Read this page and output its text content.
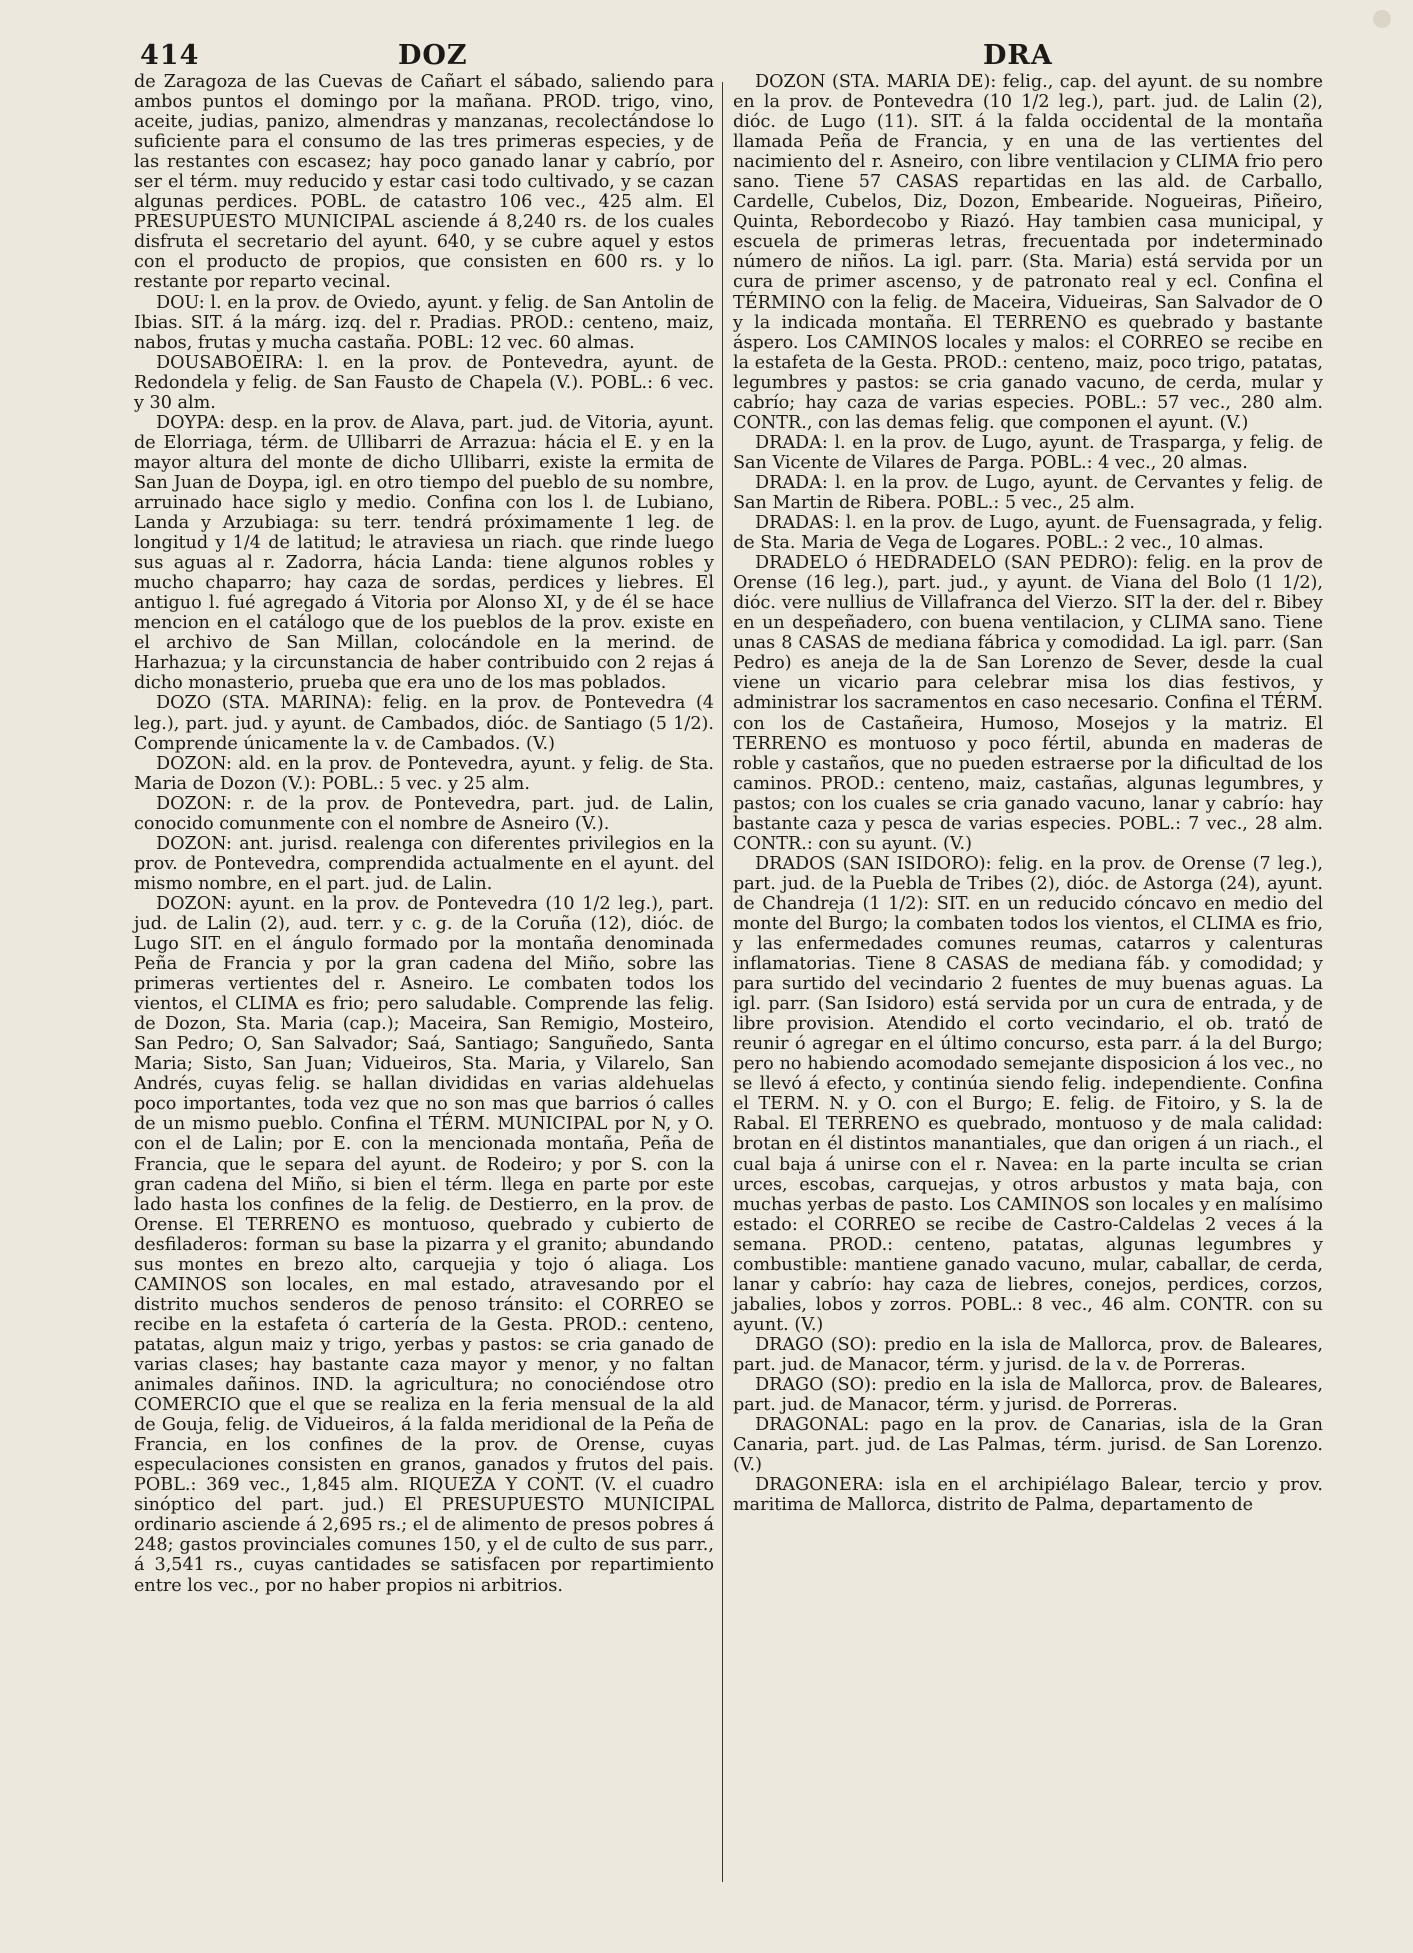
414	DOZ	DRA

de Zaragoza de las Cuevas de Cañart el sábado, saliendo para ambos puntos el domingo por la mañana. PROD. trigo, vino, aceite, judias, panizo, almendras y manzanas, recolectándose lo suficiente para el consumo de las tres primeras especies, y de las restantes con escasez; hay poco ganado lanar y cabrío, por ser el térm. muy reducido y estar casi todo cultivado, y se cazan algunas perdices. POBL. de catastro 106 vec., 425 alm. El PRESUPUESTO MUNICIPAL asciende á 8,240 rs. de los cuales disfruta el secretario del ayunt. 640, y se cubre aquel y estos con el producto de propios, que consisten en 600 rs. y lo restante por reparto vecinal.

DOU: l. en la prov. de Oviedo, ayunt. y felig. de San Antolin de Ibias. SIT. á la márg. izq. del r. Pradias. PROD.: centeno, maiz, nabos, frutas y mucha castaña. POBL: 12 vec. 60 almas.

DOUSABOEIRA: l. en la prov. de Pontevedra, ayunt. de Redondela y felig. de San Fausto de Chapela (V.). POBL.: 6 vec. y 30 alm.

DOYPA: desp. en la prov. de Alava, part. jud. de Vitoria, ayunt. de Elorriaga, térm. de Ullibarri de Arrazua: hácia el E. y en la mayor altura del monte de dicho Ullibarri, existe la ermita de San Juan de Doypa, igl. en otro tiempo del pueblo de su nombre, arruinado hace siglo y medio. Confina con los l. de Lubiano, Landa y Arzubiaga: su terr. tendrá próximamente 1 leg. de longitud y 1/4 de latitud; le atraviesa un riach. que rinde luego sus aguas al r. Zadorra, hácia Landa: tiene algunos robles y mucho chaparro; hay caza de sordas, perdices y liebres. El antiguo l. fué agregado á Vitoria por Alonso XI, y de él se hace mencion en el catálogo que de los pueblos de la prov. existe en el archivo de San Millan, colocándole en la merind. de Harhazua; y la circunstancia de haber contribuido con 2 rejas á dicho monasterio, prueba que era uno de los mas poblados.

DOZO (STA. MARINA): felig. en la prov. de Pontevedra (4 leg.), part. jud. y ayunt. de Cambados, dióc. de Santiago (5 1/2). Comprende únicamente la v. de Cambados. (V.)

DOZON: ald. en la prov. de Pontevedra, ayunt. y felig. de Sta. Maria de Dozon (V.): POBL.: 5 vec. y 25 alm.

DOZON: r. de la prov. de Pontevedra, part. jud. de Lalin, conocido comunmente con el nombre de Asneiro (V.).

DOZON: ant. jurisd. realenga con diferentes privilegios en la prov. de Pontevedra, comprendida actualmente en el ayunt. del mismo nombre, en el part. jud. de Lalin.

DOZON: ayunt. en la prov. de Pontevedra (10 1/2 leg.), part. jud. de Lalin (2), aud. terr. y c. g. de la Coruña (12), dióc. de Lugo SIT. en el ángulo formado por la montaña denominada Peña de Francia y por la gran cadena del Miño, sobre las primeras vertientes del r. Asneiro. Le combaten todos los vientos, el CLIMA es frio; pero saludable. Comprende las felig. de Dozon, Sta. Maria (cap.); Maceira, San Remigio, Mosteiro, San Pedro; O, San Salvador; Saá, Santiago; Sanguñedo, Santa Maria; Sisto, San Juan; Vidueiros, Sta. Maria, y Vilarelo, San Andrés, cuyas felig. se hallan divididas en varias aldehuelas poco importantes, toda vez que no son mas que barrios ó calles de un mismo pueblo. Confina el TÉRM. MUNICIPAL por N, y O. con el de Lalin; por E. con la mencionada montaña, Peña de Francia, que le separa del ayunt. de Rodeiro; y por S. con la gran cadena del Miño, si bien el térm. llega en parte por este lado hasta los confines de la felig. de Destierro, en la prov. de Orense. El TERRENO es montuoso, quebrado y cubierto de desfiladeros: forman su base la pizarra y el granito; abundando sus montes en brezo alto, carquejia y tojo ó aliaga. Los CAMINOS son locales, en mal estado, atravesando por el distrito muchos senderos de penoso tránsito: el CORREO se recibe en la estafeta ó cartería de la Gesta. PROD.: centeno, patatas, algun maiz y trigo, yerbas y pastos: se cria ganado de varias clases; hay bastante caza mayor y menor, y no faltan animales dañinos. IND. la agricultura; no conociéndose otro COMERCIO que el que se realiza en la feria mensual de la ald de Gouja, felig. de Vidueiros, á la falda meridional de la Peña de Francia, en los confines de la prov. de Orense, cuyas especulaciones consisten en granos, ganados y frutos del pais. POBL.: 369 vec., 1,845 alm. RIQUEZA Y CONT. (V. el cuadro sinóptico del part. jud.) El PRESUPUESTO MUNICIPAL ordinario asciende á 2,695 rs.; el de alimento de presos pobres á 248; gastos provinciales comunes 150, y el de culto de sus parr., á 3,541 rs., cuyas cantidades se satisfacen por repartimiento entre los vec., por no haber propios ni arbitrios.

DOZON (STA. MARIA DE): felig., cap. del ayunt. de su nombre en la prov. de Pontevedra (10 1/2 leg.), part. jud. de Lalin (2), dióc. de Lugo (11). SIT. á la falda occidental de la montaña llamada Peña de Francia, y en una de las vertientes del nacimiento del r. Asneiro, con libre ventilacion y CLIMA frio pero sano. Tiene 57 CASAS repartidas en las ald. de Carballo, Cardelle, Cubelos, Diz, Dozon, Embearide. Nogueiras, Piñeiro, Quinta, Rebordecobo y Riazó. Hay tambien casa municipal, y escuela de primeras letras, frecuentada por indeterminado número de niños. La igl. parr. (Sta. Maria) está servida por un cura de primer ascenso, y de patronato real y ecl. Confina el TÉRMINO con la felig. de Maceira, Vidueiras, San Salvador de O y la indicada montaña. El TERRENO es quebrado y bastante áspero. Los CAMINOS locales y malos: el CORREO se recibe en la estafeta de la Gesta. PROD.: centeno, maiz, poco trigo, patatas, legumbres y pastos: se cria ganado vacuno, de cerda, mular y cabrío; hay caza de varias especies. POBL.: 57 vec., 280 alm. CONTR., con las demas felig. que componen el ayunt. (V.)

DRADA: l. en la prov. de Lugo, ayunt. de Trasparga, y felig. de San Vicente de Vilares de Parga. POBL.: 4 vec., 20 almas.

DRADA: l. en la prov. de Lugo, ayunt. de Cervantes y felig. de San Martin de Ribera. POBL.: 5 vec., 25 alm.

DRADAS: l. en la prov. de Lugo, ayunt. de Fuensagrada, y felig. de Sta. Maria de Vega de Logares. POBL.: 2 vec., 10 almas.

DRADELO ó HEDRADELO (SAN PEDRO): felig. en la prov de Orense (16 leg.), part. jud., y ayunt. de Viana del Bolo (1 1/2), dióc. vere nullius de Villafranca del Vierzo. SIT la der. del r. Bibey en un despeñadero, con buena ventilacion, y CLIMA sano. Tiene unas 8 CASAS de mediana fábrica y comodidad. La igl. parr. (San Pedro) es aneja de la de San Lorenzo de Sever, desde la cual viene un vicario para celebrar misa los dias festivos, y administrar los sacramentos en caso necesario. Confina el TÉRM. con los de Castañeira, Humoso, Mosejos y la matriz. El TERRENO es montuoso y poco fértil, abunda en maderas de roble y castaños, que no pueden estraerse por la dificultad de los caminos. PROD.: centeno, maiz, castañas, algunas legumbres, y pastos; con los cuales se cria ganado vacuno, lanar y cabrío: hay bastante caza y pesca de varias especies. POBL.: 7 vec., 28 alm. CONTR.: con su ayunt. (V.)

DRADOS (SAN ISIDORO): felig. en la prov. de Orense (7 leg.), part. jud. de la Puebla de Tribes (2), dióc. de Astorga (24), ayunt. de Chandreja (1 1/2): SIT. en un reducido cóncavo en medio del monte del Burgo; la combaten todos los vientos, el CLIMA es frio, y las enfermedades comunes reumas, catarros y calenturas inflamatorias. Tiene 8 CASAS de mediana fáb. y comodidad; y para surtido del vecindario 2 fuentes de muy buenas aguas. La igl. parr. (San Isidoro) está servida por un cura de entrada, y de libre provision. Atendido el corto vecindario, el ob. trató de reunir ó agregar en el último concurso, esta parr. á la del Burgo; pero no habiendo acomodado semejante disposicion á los vec., no se llevó á efecto, y continúa siendo felig. independiente. Confina el TERM. N. y O. con el Burgo; E. felig. de Fitoiro, y S. la de Rabal. El TERRENO es quebrado, montuoso y de mala calidad: brotan en él distintos manantiales, que dan origen á un riach., el cual baja á unirse con el r. Navea: en la parte inculta se crian urces, escobas, carquejas, y otros arbustos y mata baja, con muchas yerbas de pasto. Los CAMINOS son locales y en malísimo estado: el CORREO se recibe de Castro-Caldelas 2 veces á la semana. PROD.: centeno, patatas, algunas legumbres y combustible: mantiene ganado vacuno, mular, caballar, de cerda, lanar y cabrío: hay caza de liebres, conejos, perdices, corzos, jabalies, lobos y zorros. POBL.: 8 vec., 46 alm. CONTR. con su ayunt. (V.)

DRAGO (SO): predio en la isla de Mallorca, prov. de Baleares, part. jud. de Manacor, térm. y jurisd. de la v. de Porreras.

DRAGO (SO): predio en la isla de Mallorca, prov. de Baleares, part. jud. de Manacor, térm. y jurisd. de Porreras.

DRAGONAL: pago en la prov. de Canarias, isla de la Gran Canaria, part. jud. de Las Palmas, térm. jurisd. de San Lorenzo. (V.)

DRAGONERA: isla en el archipiélago Balear, tercio y prov. maritima de Mallorca, distrito de Palma, departamento de
